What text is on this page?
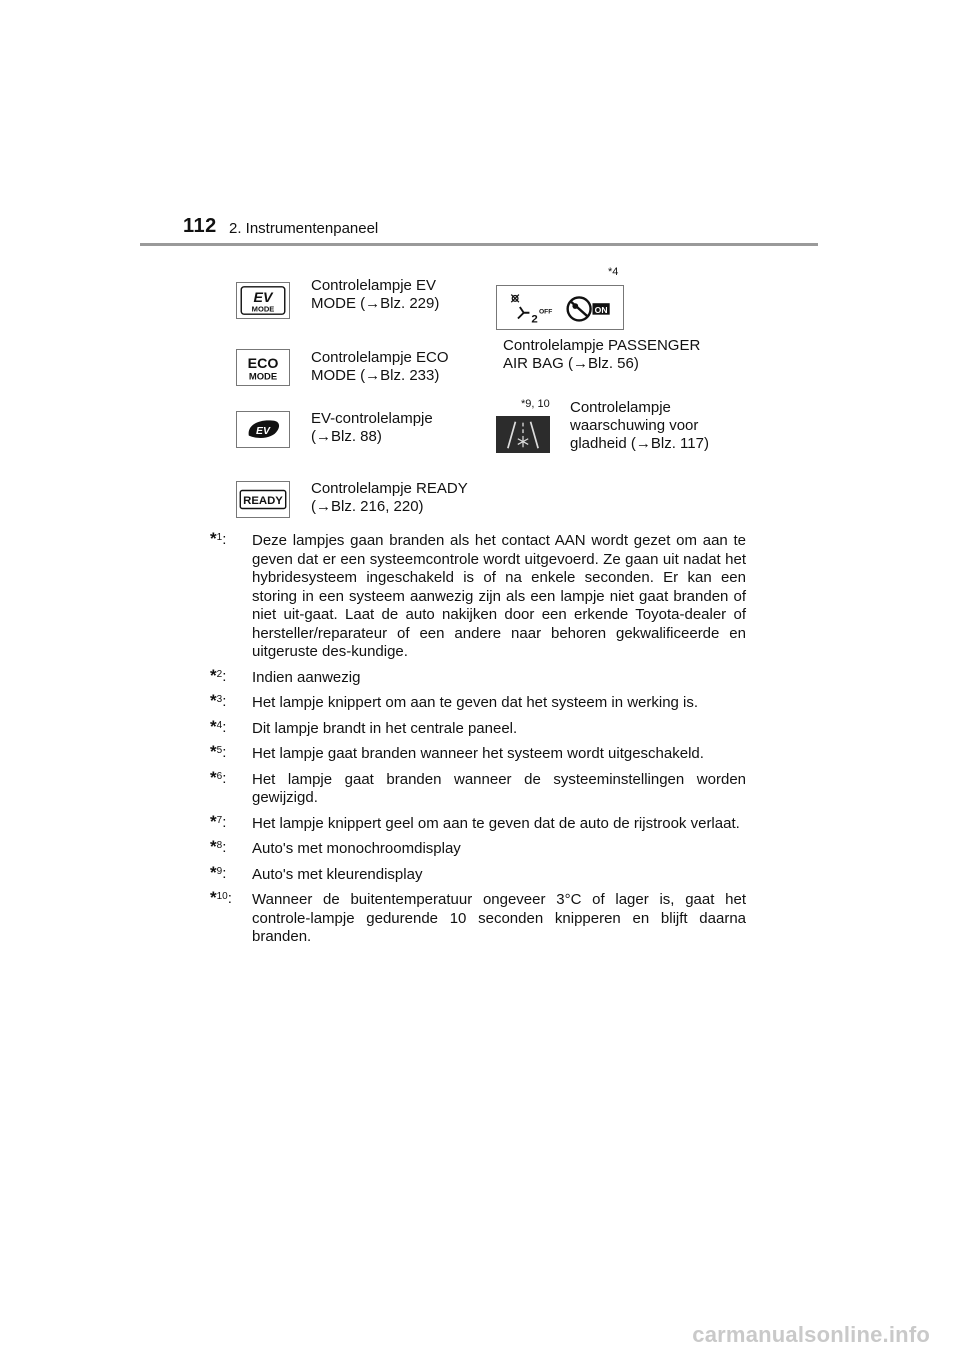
112 2. Instrumentenpaneel
EV
MODE
Controlelampje EV
MODE (→Blz. 229)
ECO
MODE
Controlelampje ECO
MODE (→Blz. 233)
EV
EV-controlelampje
(→Blz. 88)
READY
Controlelampje READY
(→Blz. 216, 220)
*4
2
OFF	ON
Controlelampje PASSENGER
AIR BAG (→Blz. 56)
*9, 10 Controlelampje
waarschuwing voor
gladheid (→Blz. 117)
*$^1$: Deze lampjes gaan branden als het contact AAN wordt gezet om aan te geven dat er een systeemcontrole wordt uitgevoerd. Ze gaan uit nadat het hybridesysteem ingeschakeld is of na enkele seconden. Er kan een storing in een systeem aanwezig zijn als een lampje niet gaat branden of niet uit-gaat. Laat de auto nakijken door een erkende Toyota-dealer of hersteller/reparateur of een andere naar behoren gekwalificeerde en uitgeruste des-kundige.
*$^2$: Indien aanwezig
*$^3$: Het lampje knippert om aan te geven dat het systeem in werking is.
*$^4$: Dit lampje brandt in het centrale paneel.
*$^5$: Het lampje gaat branden wanneer het systeem wordt uitgeschakeld.
*$^6$: Het lampje gaat branden wanneer de systeeminstellingen worden gewijzigd.
*$^7$: Het lampje knippert geel om aan te geven dat de auto de rijstrook verlaat.
*$^8$: Auto's met monochroomdisplay
*$^9$: Auto's met kleurendisplay
*$^{10}$: Wanneer de buitentemperatuur ongeveer 3°C of lager is, gaat het controle-lampje gedurende 10 seconden knipperen en blijft daarna branden.
carmanualsonline.info
